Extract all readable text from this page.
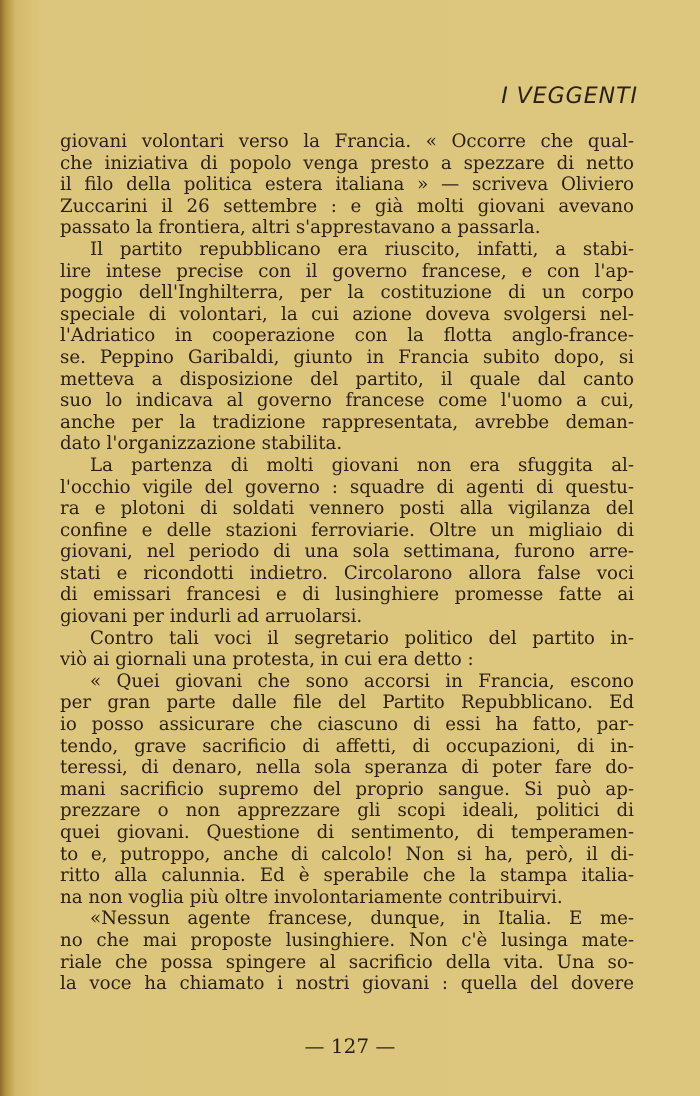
I VEGGENTI
giovani volontari verso la Francia. « Occorre che qual-
che iniziativa di popolo venga presto a spezzare di netto
il filo della politica estera italiana » — scriveva Oliviero
Zuccarini il 26 settembre : e già molti giovani avevano
passato la frontiera, altri s'apprestavano a passarla.
Il partito repubblicano era riuscito, infatti, a stabi-
lire intese precise con il governo francese, e con l'ap-
poggio dell'Inghilterra, per la costituzione di un corpo
speciale di volontari, la cui azione doveva svolgersi nel-
l'Adriatico in cooperazione con la flotta anglo-france-
se. Peppino Garibaldi, giunto in Francia subito dopo, si
metteva a disposizione del partito, il quale dal canto
suo lo indicava al governo francese come l'uomo a cui,
anche per la tradizione rappresentata, avrebbe deman-
dato l'organizzazione stabilita.
La partenza di molti giovani non era sfuggita al-
l'occhio vigile del governo : squadre di agenti di questu-
ra e plotoni di soldati vennero posti alla vigilanza del
confine e delle stazioni ferroviarie. Oltre un migliaio di
giovani, nel periodo di una sola settimana, furono arre-
stati e ricondotti indietro. Circolarono allora false voci
di emissari francesi e di lusinghiere promesse fatte ai
giovani per indurli ad arruolarsi.
Contro tali voci il segretario politico del partito in-
viò ai giornali una protesta, in cui era detto :
« Quei giovani che sono accorsi in Francia, escono
per gran parte dalle file del Partito Repubblicano. Ed
io posso assicurare che ciascuno di essi ha fatto, par-
tendo, grave sacrificio di affetti, di occupazioni, di in-
teressi, di denaro, nella sola speranza di poter fare do-
mani sacrificio supremo del proprio sangue. Si può ap-
prezzare o non apprezzare gli scopi ideali, politici di
quei giovani. Questione di sentimento, di temperamen-
to e, putroppo, anche di calcolo! Non si ha, però, il di-
ritto alla calunnia. Ed è sperabile che la stampa italia-
na non voglia più oltre involontariamente contribuirvi.
«Nessun agente francese, dunque, in Italia. E me-
no che mai proposte lusinghiere. Non c'è lusinga mate-
riale che possa spingere al sacrificio della vita. Una so-
la voce ha chiamato i nostri giovani : quella del dovere
— 127 —
